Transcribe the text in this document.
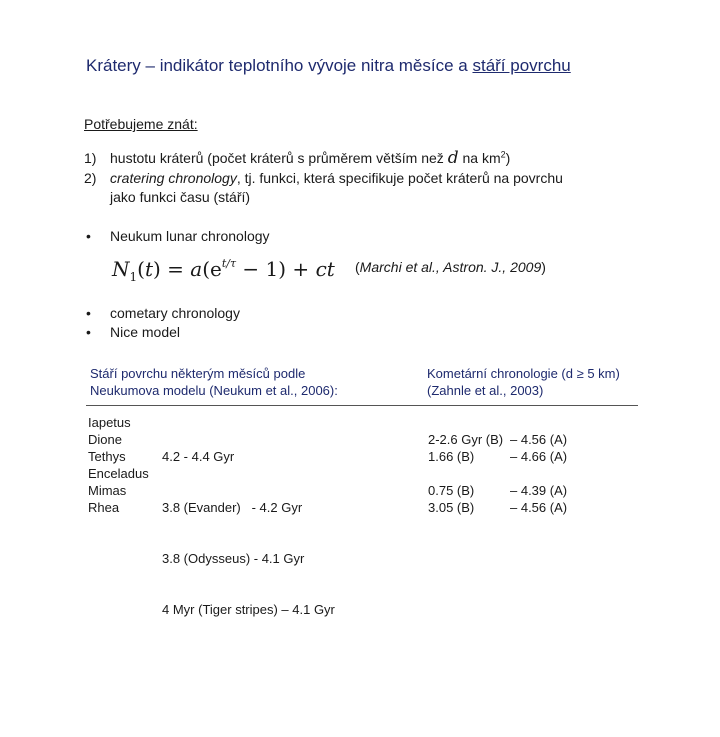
Krátery – indikátor teplotního vývoje nitra měsíce a stáří povrchu
Potřebujeme znát:
1) hustotu kráterů (počet kráterů s průměrem větším než d na $km^2$)
2) cratering chronology, tj. funkci, která specifikuje počet kráterů na povrchu
jako funkci času (stáří)
• Neukum lunar chronology
$N_1(t) = a(e^{t/\tau} - 1)$ + ct (Marchi et al., Astron. J., 2009)
• cometary chronology
• Nice model
Stáří povrchu některým měsíců podle
Neukumova modelu (Neukum et al., 2006):
Kometární chronologie (d ≥ 5 km)
(Zahnle et al., 2003)
Iapetus
Dione
Tethys
Enceladus
Mimas
Rhea

4.2 - 4.4 Gyr

3.8 (Evander)   - 4.2 Gyr

3.8 (Odysseus) - 4.1 Gyr

4 Myr (Tiger stripes) – 4.1 Gyr

2-2.6 Gyr (B)
1.66 (B)
0.75 (B)
3.05 (B)
– 4.56 (A)
– 4.66 (A)
– 4.39 (A)
– 4.56 (A)
